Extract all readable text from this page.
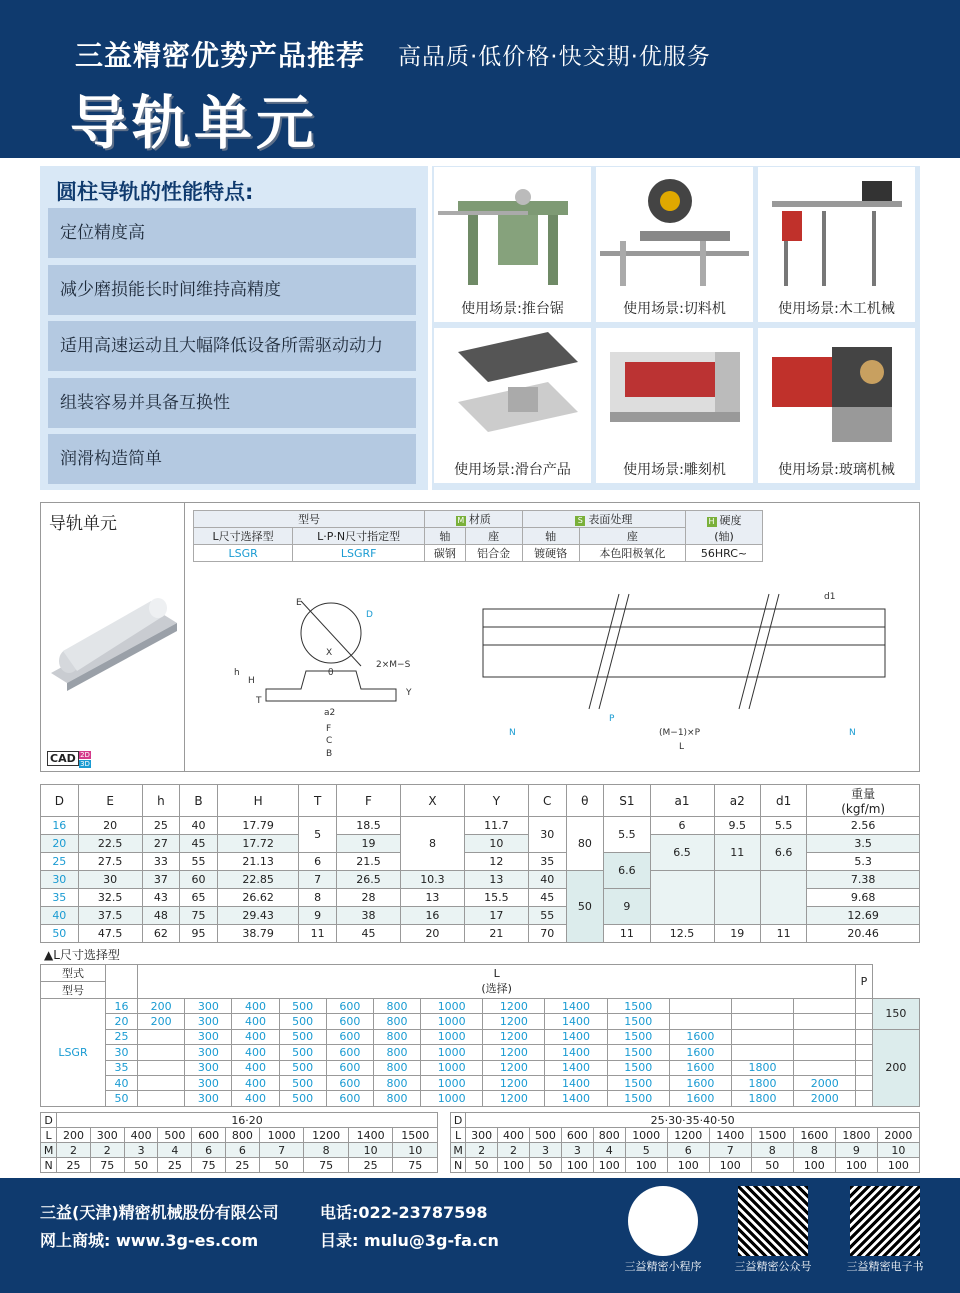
三益精密优势产品推荐 高品质·低价格·快交期·优服务
导轨单元
圆柱导轨的性能特点:
定位精度高
减少磨损能长时间维持高精度
适用高速运动且大幅降低设备所需驱动动力
组装容易并具备互换性
润滑构造简单
使用场景:推台锯	使用场景:切料机	使用场景:木工机械
使用场景:滑台产品	使用场景:雕刻机	使用场景:玻璃机械
导轨单元
CAD 2D
3D
型号		M 材质		S 表面处理		H 硬度
(轴)
L尺寸选择型	L·P·N尺寸指定型	轴	座	轴	座	
LSGR	LSGRF	碳钢	铝合金	镀硬铬	本色阳极氧化	56HRC~
E
D
X
h
H
θ
2×M−S
Y
a2
T
F
C
B
d1
N	N
P
(M−1)×P
L
D	E	h	B	H	T	F	X	Y	C	θ	S1	a1	a2	d1	重量
(kgf/m)
16	20	25	40	17.79	5	18.5	8	11.7	30	80	5.5	6	9.5	5.5	2.56
20	22.5	27	45	17.72		19		10				6.5	11	6.6	3.5
25	27.5	33	55	21.13	6	21.5		12	35		6.6				5.3
30	30	37	60	22.85	7	26.5	10.3	13	40	50					7.38
35	32.5	43	65	26.62	8	28	13	15.5	45		9				9.68
40	37.5	48	75	29.43	9	38	16	17	55						12.69
50	47.5	62	95	38.79	11	45	20	21	70		11	12.5	19	11	20.46
▲L尺寸选择型
型式		L
(选择)													P	
型号																
LSGR	16	200	300	400	500	600	800	1000	1200	1400	1500					150
	20	200	300	400	500	600	800	1000	1200	1400	1500					
	25		300	400	500	600	800	1000	1200	1400	1500	1600				200
	30		300	400	500	600	800	1000	1200	1400	1500	1600				
	35		300	400	500	600	800	1000	1200	1400	1500	1600	1800			
	40		300	400	500	600	800	1000	1200	1400	1500	1600	1800	2000		
	50		300	400	500	600	800	1000	1200	1400	1500	1600	1800	2000		
D	16·20									
L	200	300	400	500	600	800	1000	1200	1400	1500
M	2	2	3	4	6	6	7	8	10	10
N	25	75	50	25	75	25	50	75	25	75
D	25·30·35·40·50											
L	300	400	500	600	800	1000	1200	1400	1500	1600	1800	2000
M	2	2	3	3	4	5	6	7	8	8	9	10
N	50	100	50	100	100	100	100	100	50	100	100	100
三益(天津)精密机械股份有限公司	电话:022-23787598
网上商城: www.3g-es.com	目录: mulu@3g-fa.cn
三益精密小程序	三益精密公众号	三益精密电子书
